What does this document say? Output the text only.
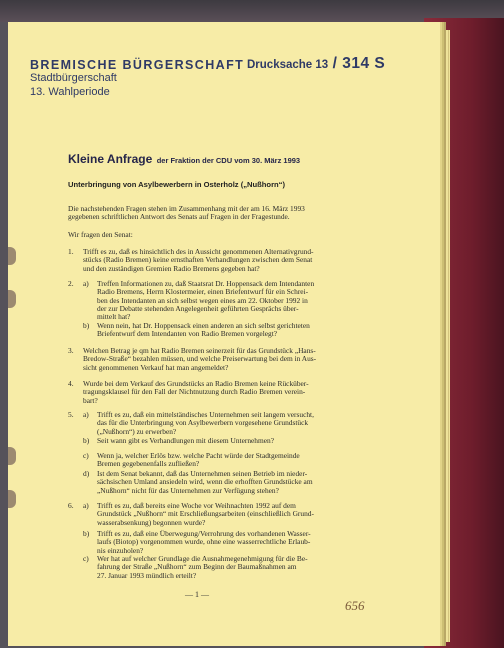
BREMISCHE BÜRGERSCHAFT
Stadtbürgerschaft
13. Wahlperiode
Drucksache 13 / 314 S
Kleine Anfrage der Fraktion der CDU vom 30. März 1993
Unterbringung von Asylbewerbern in Osterholz („Nußhorn“)
Die nachstehenden Fragen stehen im Zusammenhang mit der am 16. März 1993
gegebenen schriftlichen Antwort des Senats auf Fragen in der Fragestunde.
Wir fragen den Senat:
1. Trifft es zu, daß es hinsichtlich des in Aussicht genommenen Alternativgrund-
stücks (Radio Bremen) keine ernsthaften Verhandlungen zwischen dem Senat
und den zuständigen Gremien Radio Bremens gegeben hat?
2. a) Treffen Informationen zu, daß Staatsrat Dr. Hoppensack dem Intendanten
Radio Bremens, Herrn Klostermeier, einen Briefentwurf für ein Schrei-
ben des Intendanten an sich selbst wegen eines am 22. Oktober 1992 in
der zur Debatte stehenden Angelegenheit geführten Gesprächs über-
mittelt hat?
b) Wenn nein, hat Dr. Hoppensack einen anderen an sich selbst gerichteten
Briefentwurf dem Intendanten von Radio Bremen vorgelegt?
3. Welchen Betrag je qm hat Radio Bremen seinerzeit für das Grundstück „Hans-
Bredow-Straße“ bezahlen müssen, und welche Preiserwartung bei dem in Aus-
sicht genommenen Verkauf hat man angemeldet?
4. Wurde bei dem Verkauf des Grundstücks an Radio Bremen keine Rücküber-
tragungsklausel für den Fall der Nichtnutzung durch Radio Bremen verein-
bart?
5. a) Trifft es zu, daß ein mittelständisches Unternehmen seit langem versucht,
das für die Unterbringung von Asylbewerbern vorgesehene Grundstück
(„Nußhorn“) zu erwerben?
b) Seit wann gibt es Verhandlungen mit diesem Unternehmen?
c) Wenn ja, welcher Erlös bzw. welche Pacht würde der Stadtgemeinde
Bremen gegebenenfalls zufließen?
d) Ist dem Senat bekannt, daß das Unternehmen seinen Betrieb im nieder-
sächsischen Umland ansiedeln wird, wenn die erhofften Grundstücke am
„Nußhorn“ nicht für das Unternehmen zur Verfügung stehen?
6. a) Trifft es zu, daß bereits eine Woche vor Weihnachten 1992 auf dem
Grundstück „Nußhorn“ mit Erschließungsarbeiten (einschließlich Grund-
wasserabsenkung) begonnen wurde?
b) Trifft es zu, daß eine Überwegung/Verrohrung des vorhandenen Wasser-
laufs (Biotop) vorgenommen wurde, ohne eine wasserrechtliche Erlaub-
nis einzuholen?
c) Wer hat auf welcher Grundlage die Ausnahmegenehmigung für die Be-
fahrung der Straße „Nußhorn“ zum Beginn der Baumaßnahmen am
27. Januar 1993 mündlich erteilt?
— 1 —
656
